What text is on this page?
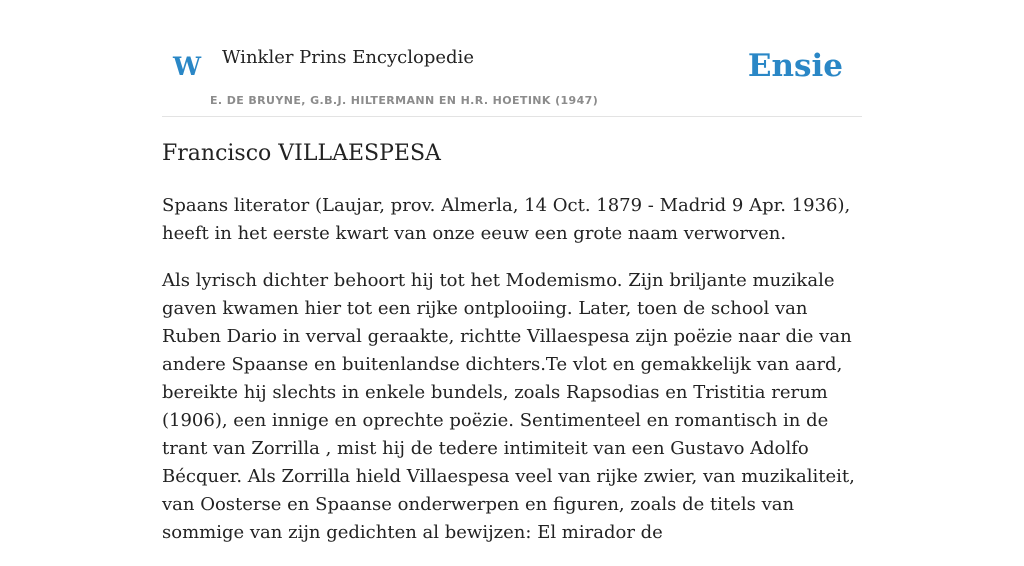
W Winkler Prins Encyclopedie
E. DE BRUYNE, G.B.J. HILTERMANN EN H.R. HOETINK (1947)
Ensie
Francisco VILLAESPESA

Spaans literator (Laujar, prov. Almerla, 14 Oct. 1879 - Madrid 9 Apr. 1936), heeft in het eerste kwart van onze eeuw een grote naam verworven.

Als lyrisch dichter behoort hij tot het Modemismo. Zijn briljante muzikale gaven kwamen hier tot een rijke ontplooiing. Later, toen de school van Ruben Dario in verval geraakte, richtte Villaespesa zijn poëzie naar die van andere Spaanse en buitenlandse dichters.Te vlot en gemakkelijk van aard, bereikte hij slechts in enkele bundels, zoals Rapsodias en Tristitia rerum (1906), een innige en oprechte poëzie. Sentimenteel en romantisch in de trant van Zorrilla , mist hij de tedere intimiteit van een Gustavo Adolfo Bécquer. Als Zorrilla hield Villaespesa veel van rijke zwier, van muzikaliteit, van Oosterse en Spaanse onderwerpen en figuren, zoals de titels van sommige van zijn gedichten al bewijzen: El mirador de
